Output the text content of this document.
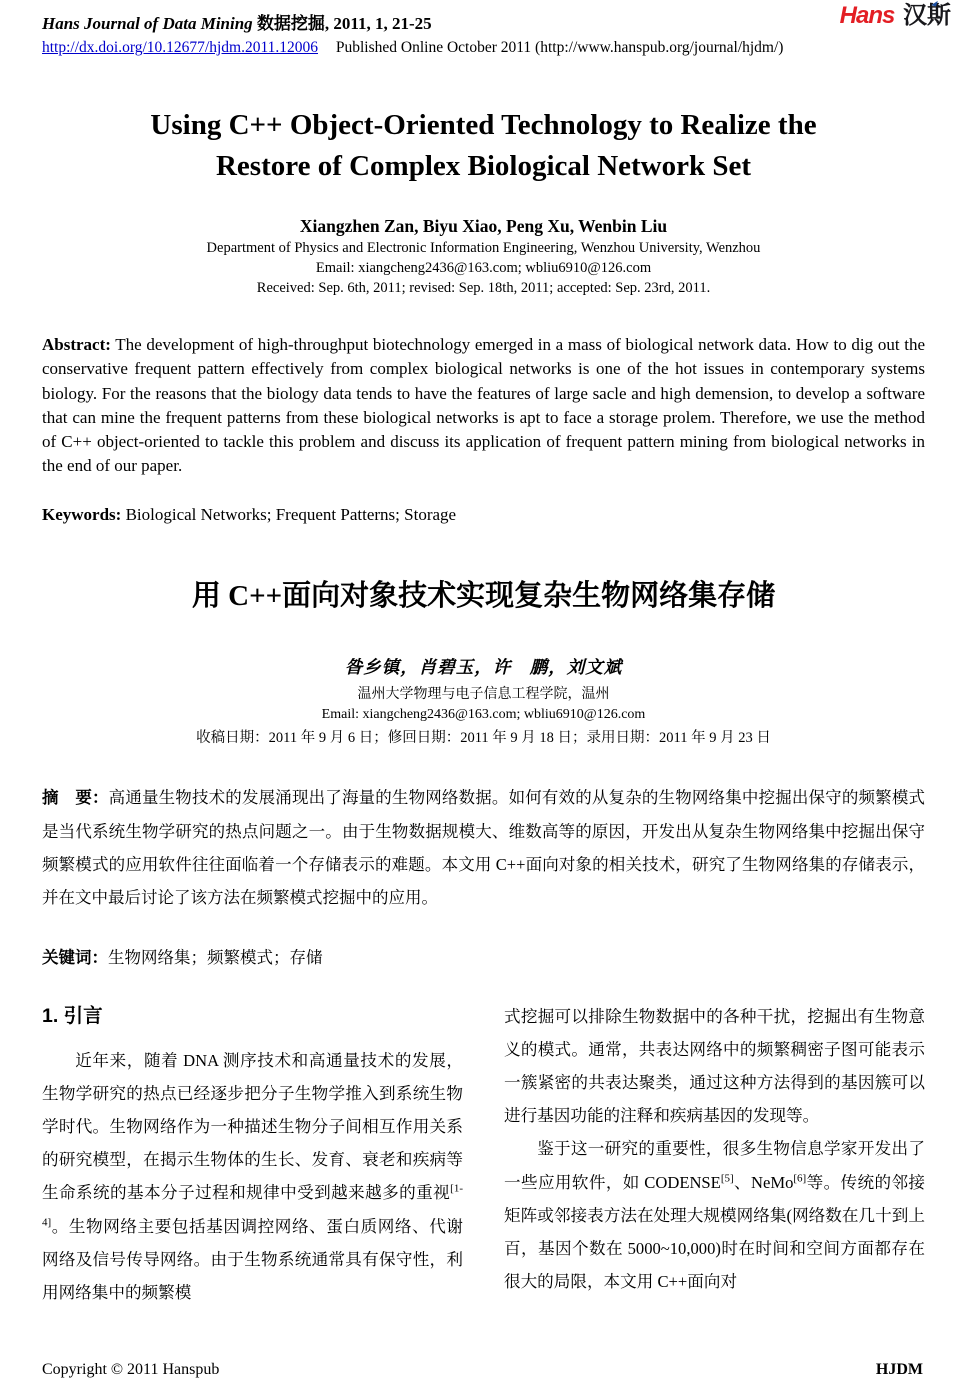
Hans Journal of Data Mining 数据挖掘, 2011, 1, 21-25
http://dx.doi.org/10.12677/hjdm.2011.12006 Published Online October 2011 (http://www.hanspub.org/journal/hjdm/)
Hans 汉斯
Using C++ Object-Oriented Technology to Realize the
Restore of Complex Biological Network Set
Xiangzhen Zan, Biyu Xiao, Peng Xu, Wenbin Liu
Department of Physics and Electronic Information Engineering, Wenzhou University, Wenzhou
Email: xiangcheng2436@163.com; wbliu6910@126.com
Received: Sep. 6th, 2011; revised: Sep. 18th, 2011; accepted: Sep. 23rd, 2011.

Abstract: The development of high-throughput biotechnology emerged in a mass of biological network data. How to dig out the conservative frequent pattern effectively from complex biological networks is one of the hot issues in contemporary systems biology. For the reasons that the biology data tends to have the features of large sacle and high demension, to develop a software that can mine the frequent patterns from these biological networks is apt to face a storage prolem. Therefore, we use the method of C++ object-oriented to tackle this problem and discuss its application of frequent pattern mining from biological networks in the end of our paper.

Keywords: Biological Networks; Frequent Patterns; Storage

用 C++面向对象技术实现复杂生物网络集存储
昝乡镇，肖碧玉，许　鹏，刘文斌
温州大学物理与电子信息工程学院，温州
Email: xiangcheng2436@163.com; wbliu6910@126.com
收稿日期：2011 年 9 月 6 日；修回日期：2011 年 9 月 18 日；录用日期：2011 年 9 月 23 日

摘　要：高通量生物技术的发展涌现出了海量的生物网络数据。如何有效的从复杂的生物网络集中挖掘出保守的频繁模式是当代系统生物学研究的热点问题之一。由于生物数据规模大、维数高等的原因，开发出从复杂生物网络集中挖掘出保守频繁模式的应用软件往往面临着一个存储表示的难题。本文用 C++面向对象的相关技术，研究了生物网络集的存储表示，并在文中最后讨论了该方法在频繁模式挖掘中的应用。

关键词：生物网络集；频繁模式；存储

1. 引言

近年来，随着 DNA 测序技术和高通量技术的发展，生物学研究的热点已经逐步把分子生物学推入到系统生物学时代。生物网络作为一种描述生物分子间相互作用关系的研究模型，在揭示生物体的生长、发育、衰老和疾病等生命系统的基本分子过程和规律中受到越来越多的重视[1-4]。生物网络主要包括基因调控网络、蛋白质网络、代谢网络及信号传导网络。由于生物系统通常具有保守性，利用网络集中的频繁模

式挖掘可以排除生物数据中的各种干扰，挖掘出有生物意义的模式。通常，共表达网络中的频繁稠密子图可能表示一簇紧密的共表达聚类，通过这种方法得到的基因簇可以进行基因功能的注释和疾病基因的发现等。

鉴于这一研究的重要性，很多生物信息学家开发出了一些应用软件，如 CODENSE[5]、NeMo[6]等。传统的邻接矩阵或邻接表方法在处理大规模网络集(网络数在几十到上百，基因个数在 5000~10,000)时在时间和空间方面都存在很大的局限，本文用 C++面向对

Copyright © 2011 Hanspub	HJDM
